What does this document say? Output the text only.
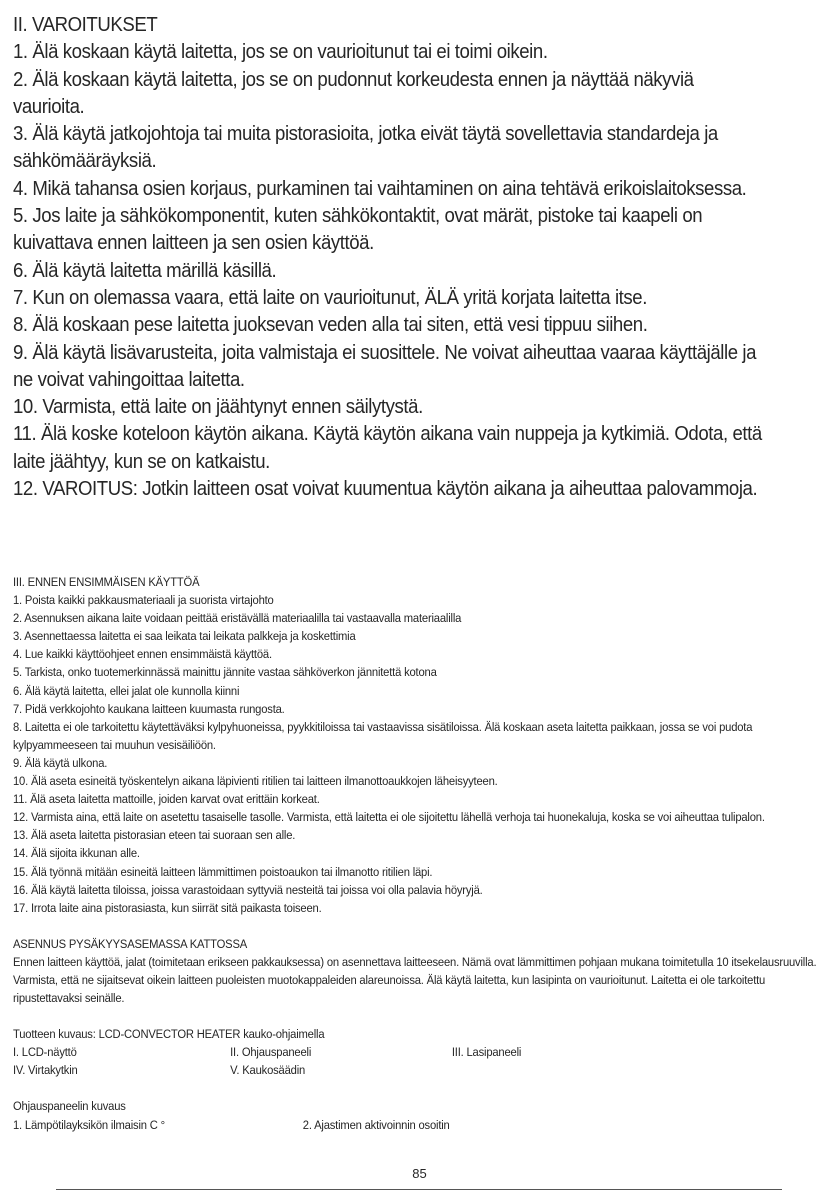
II. VAROITUKSET

1. Älä koskaan käytä laitetta, jos se on vaurioitunut tai ei toimi oikein.

2. Älä koskaan käytä laitetta, jos se on pudonnut korkeudesta ennen ja näyttää näkyviä vaurioita.

3. Älä käytä jatkojohtoja tai muita pistorasioita, jotka eivät täytä sovellettavia standardeja ja sähkömääräyksiä.

4. Mikä tahansa osien korjaus, purkaminen tai vaihtaminen on aina tehtävä erikoislaitoksessa.

5. Jos laite ja sähkökomponentit, kuten sähkökontaktit, ovat märät, pistoke tai kaapeli on kuivattava ennen laitteen ja sen osien käyttöä.

6. Älä käytä laitetta märillä käsillä.

7. Kun on olemassa vaara, että laite on vaurioitunut, ÄLÄ yritä korjata laitetta itse.

8. Älä koskaan pese laitetta juoksevan veden alla tai siten, että vesi tippuu siihen.

9. Älä käytä lisävarusteita, joita valmistaja ei suosittele. Ne voivat aiheuttaa vaaraa käyttäjälle ja ne voivat vahingoittaa laitetta.

10. Varmista, että laite on jäähtynyt ennen säilytystä.

11. Älä koske koteloon käytön aikana. Käytä käytön aikana vain nuppeja ja kytkimiä. Odota, että laite jäähtyy, kun se on katkaistu.

12. VAROITUS: Jotkin laitteen osat voivat kuumentua käytön aikana ja aiheuttaa palovammoja.

III. ENNEN ENSIMMÄISEN KÄYTTÖÄ

1. Poista kaikki pakkausmateriaali ja suorista virtajohto

2. Asennuksen aikana laite voidaan peittää eristävällä materiaalilla tai vastaavalla materiaalilla

3. Asennettaessa laitetta ei saa leikata tai leikata palkkeja ja koskettimia

4. Lue kaikki käyttöohjeet ennen ensimmäistä käyttöä.

5. Tarkista, onko tuotemerkinnässä mainittu jännite vastaa sähköverkon jännitettä kotona

6. Älä käytä laitetta, ellei jalat ole kunnolla kiinni

7. Pidä verkkojohto kaukana laitteen kuumasta rungosta.

8. Laitetta ei ole tarkoitettu käytettäväksi kylpyhuoneissa, pyykkitiloissa tai vastaavissa sisätiloissa. Älä koskaan aseta laitetta paikkaan, jossa se voi pudota kylpyammeeseen tai muuhun vesisäiliöön.

9. Älä käytä ulkona.

10. Älä aseta esineitä työskentelyn aikana läpivienti ritilien tai laitteen ilmanottoaukkojen läheisyyteen.

11. Älä aseta laitetta mattoille, joiden karvat ovat erittäin korkeat.

12. Varmista aina, että laite on asetettu tasaiselle tasolle. Varmista, että laitetta ei ole sijoitettu lähellä verhoja tai huonekaluja, koska se voi aiheuttaa tulipalon.

13. Älä aseta laitetta pistorasian eteen tai suoraan sen alle.

14. Älä sijoita ikkunan alle.

15. Älä työnnä mitään esineitä laitteen lämmittimen poistoaukon tai ilmanotto ritilien läpi.

16. Älä käytä laitetta tiloissa, joissa varastoidaan syttyviä nesteitä tai joissa voi olla palavia höyryjä.

17. Irrota laite aina pistorasiasta, kun siirrät sitä paikasta toiseen.

ASENNUS PYSÄKYYSASEMASSA KATTOSSA

Ennen laitteen käyttöä, jalat (toimitetaan erikseen pakkauksessa) on asennettava laitteeseen. Nämä ovat lämmittimen pohjaan mukana toimitetulla 10 itsekelausruuvilla. Varmista, että ne sijaitsevat oikein laitteen puoleisten muotokappaleiden alareunoissa. Älä käytä laitetta, kun lasipinta on vaurioitunut. Laitetta ei ole tarkoitettu ripustettavaksi seinälle.

Tuotteen kuvaus: LCD-CONVECTOR HEATER kauko-ohjaimella

I. LCD-näyttö	II. Ohjauspaneeli	III. Lasipaneeli
IV. Virtakytkin	V. Kaukosäädin

Ohjauspaneelin kuvaus

1. Lämpötilayksikön ilmaisin C °	2. Ajastimen aktivoinnin osoitin
85
